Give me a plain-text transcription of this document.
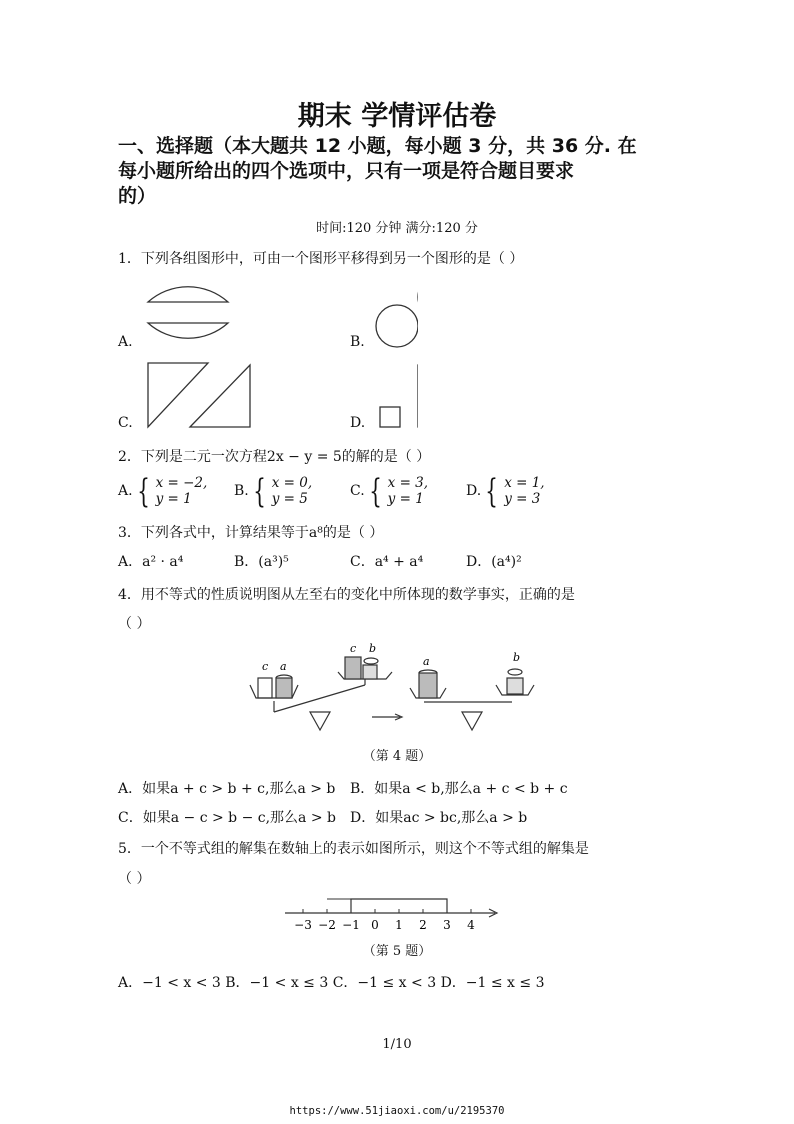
期末 学情评估卷
一、选择题（本大题共 12 小题，每小题 3 分，共 36 分. 在
每小题所给出的四个选项中，只有一项是符合题目要求
的）
时间:120 分钟 满分:120 分
1．下列各组图形中，可由一个图形平移得到另一个图形的是（ ）
A.	B.
C.	D.
2．下列是二元一次方程2x − y = 5的解的是（ ）
A. { x = −2,
y = 1	B. { x = 0,
y = 5	C. { x = 3,
y = 1	D. { x = 1,
y = 3
3．下列各式中，计算结果等于a⁸的是（ ）
A．a² · a⁴	B．(a³)⁵	C．a⁴ + a⁴	D．(a⁴)²
4．用不等式的性质说明图从左至右的变化中所体现的数学事实，正确的是
（ ）
c a
c b
a	b
（第 4 题）
A．如果a + c > b + c,那么a > b B．如果a < b,那么a + c < b + c
C．如果a − c > b − c,那么a > b D．如果ac > bc,那么a > b
5．一个不等式组的解集在数轴上的表示如图所示，则这个不等式组的解集是
（ ）
−3 −2 −1 0 1 2 3 4
（第 5 题）
A．−1 < x < 3 B．−1 < x ≤ 3 C．−1 ≤ x < 3 D．−1 ≤ x ≤ 3
1/10
https://www.51jiaoxi.com/u/2195370
